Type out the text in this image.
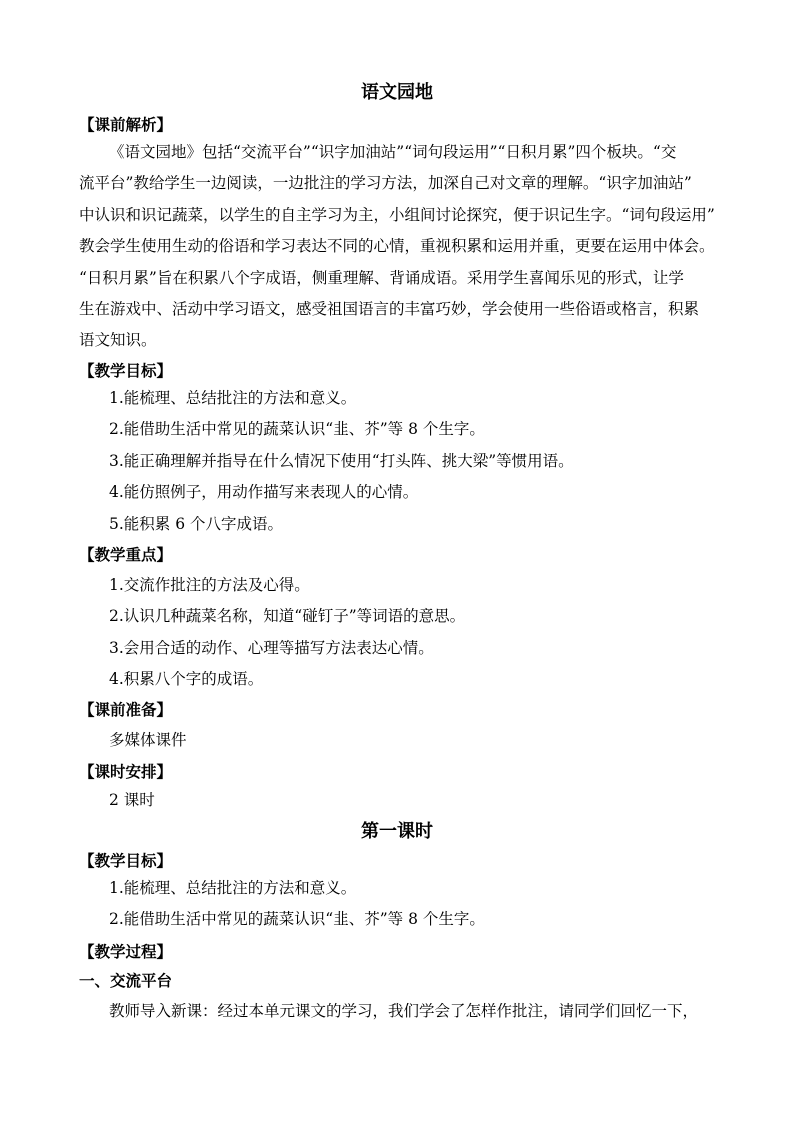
语文园地
【课前解析】
《语文园地》包括“交流平台”“识字加油站”“词句段运用”“日积月累”四个板块。“交
流平台”教给学生一边阅读，一边批注的学习方法，加深自己对文章的理解。“识字加油站”
中认识和识记蔬菜，以学生的自主学习为主，小组间讨论探究，便于识记生字。“词句段运用”
教会学生使用生动的俗语和学习表达不同的心情，重视积累和运用并重，更要在运用中体会。
“日积月累”旨在积累八个字成语，侧重理解、背诵成语。采用学生喜闻乐见的形式，让学
生在游戏中、活动中学习语文，感受祖国语言的丰富巧妙，学会使用一些俗语或格言，积累
语文知识。
【教学目标】
1.能梳理、总结批注的方法和意义。
2.能借助生活中常见的蔬菜认识“韭、芥”等 8 个生字。
3.能正确理解并指导在什么情况下使用“打头阵、挑大梁”等惯用语。
4.能仿照例子，用动作描写来表现人的心情。
5.能积累 6 个八字成语。
【教学重点】
1.交流作批注的方法及心得。
2.认识几种蔬菜名称，知道“碰钉子”等词语的意思。
3.会用合适的动作、心理等描写方法表达心情。
4.积累八个字的成语。
【课前准备】
多媒体课件
【课时安排】
2 课时
第一课时
【教学目标】
1.能梳理、总结批注的方法和意义。
2.能借助生活中常见的蔬菜认识“韭、芥”等 8 个生字。
【教学过程】
一、交流平台
教师导入新课：经过本单元课文的学习，我们学会了怎样作批注，请同学们回忆一下，
